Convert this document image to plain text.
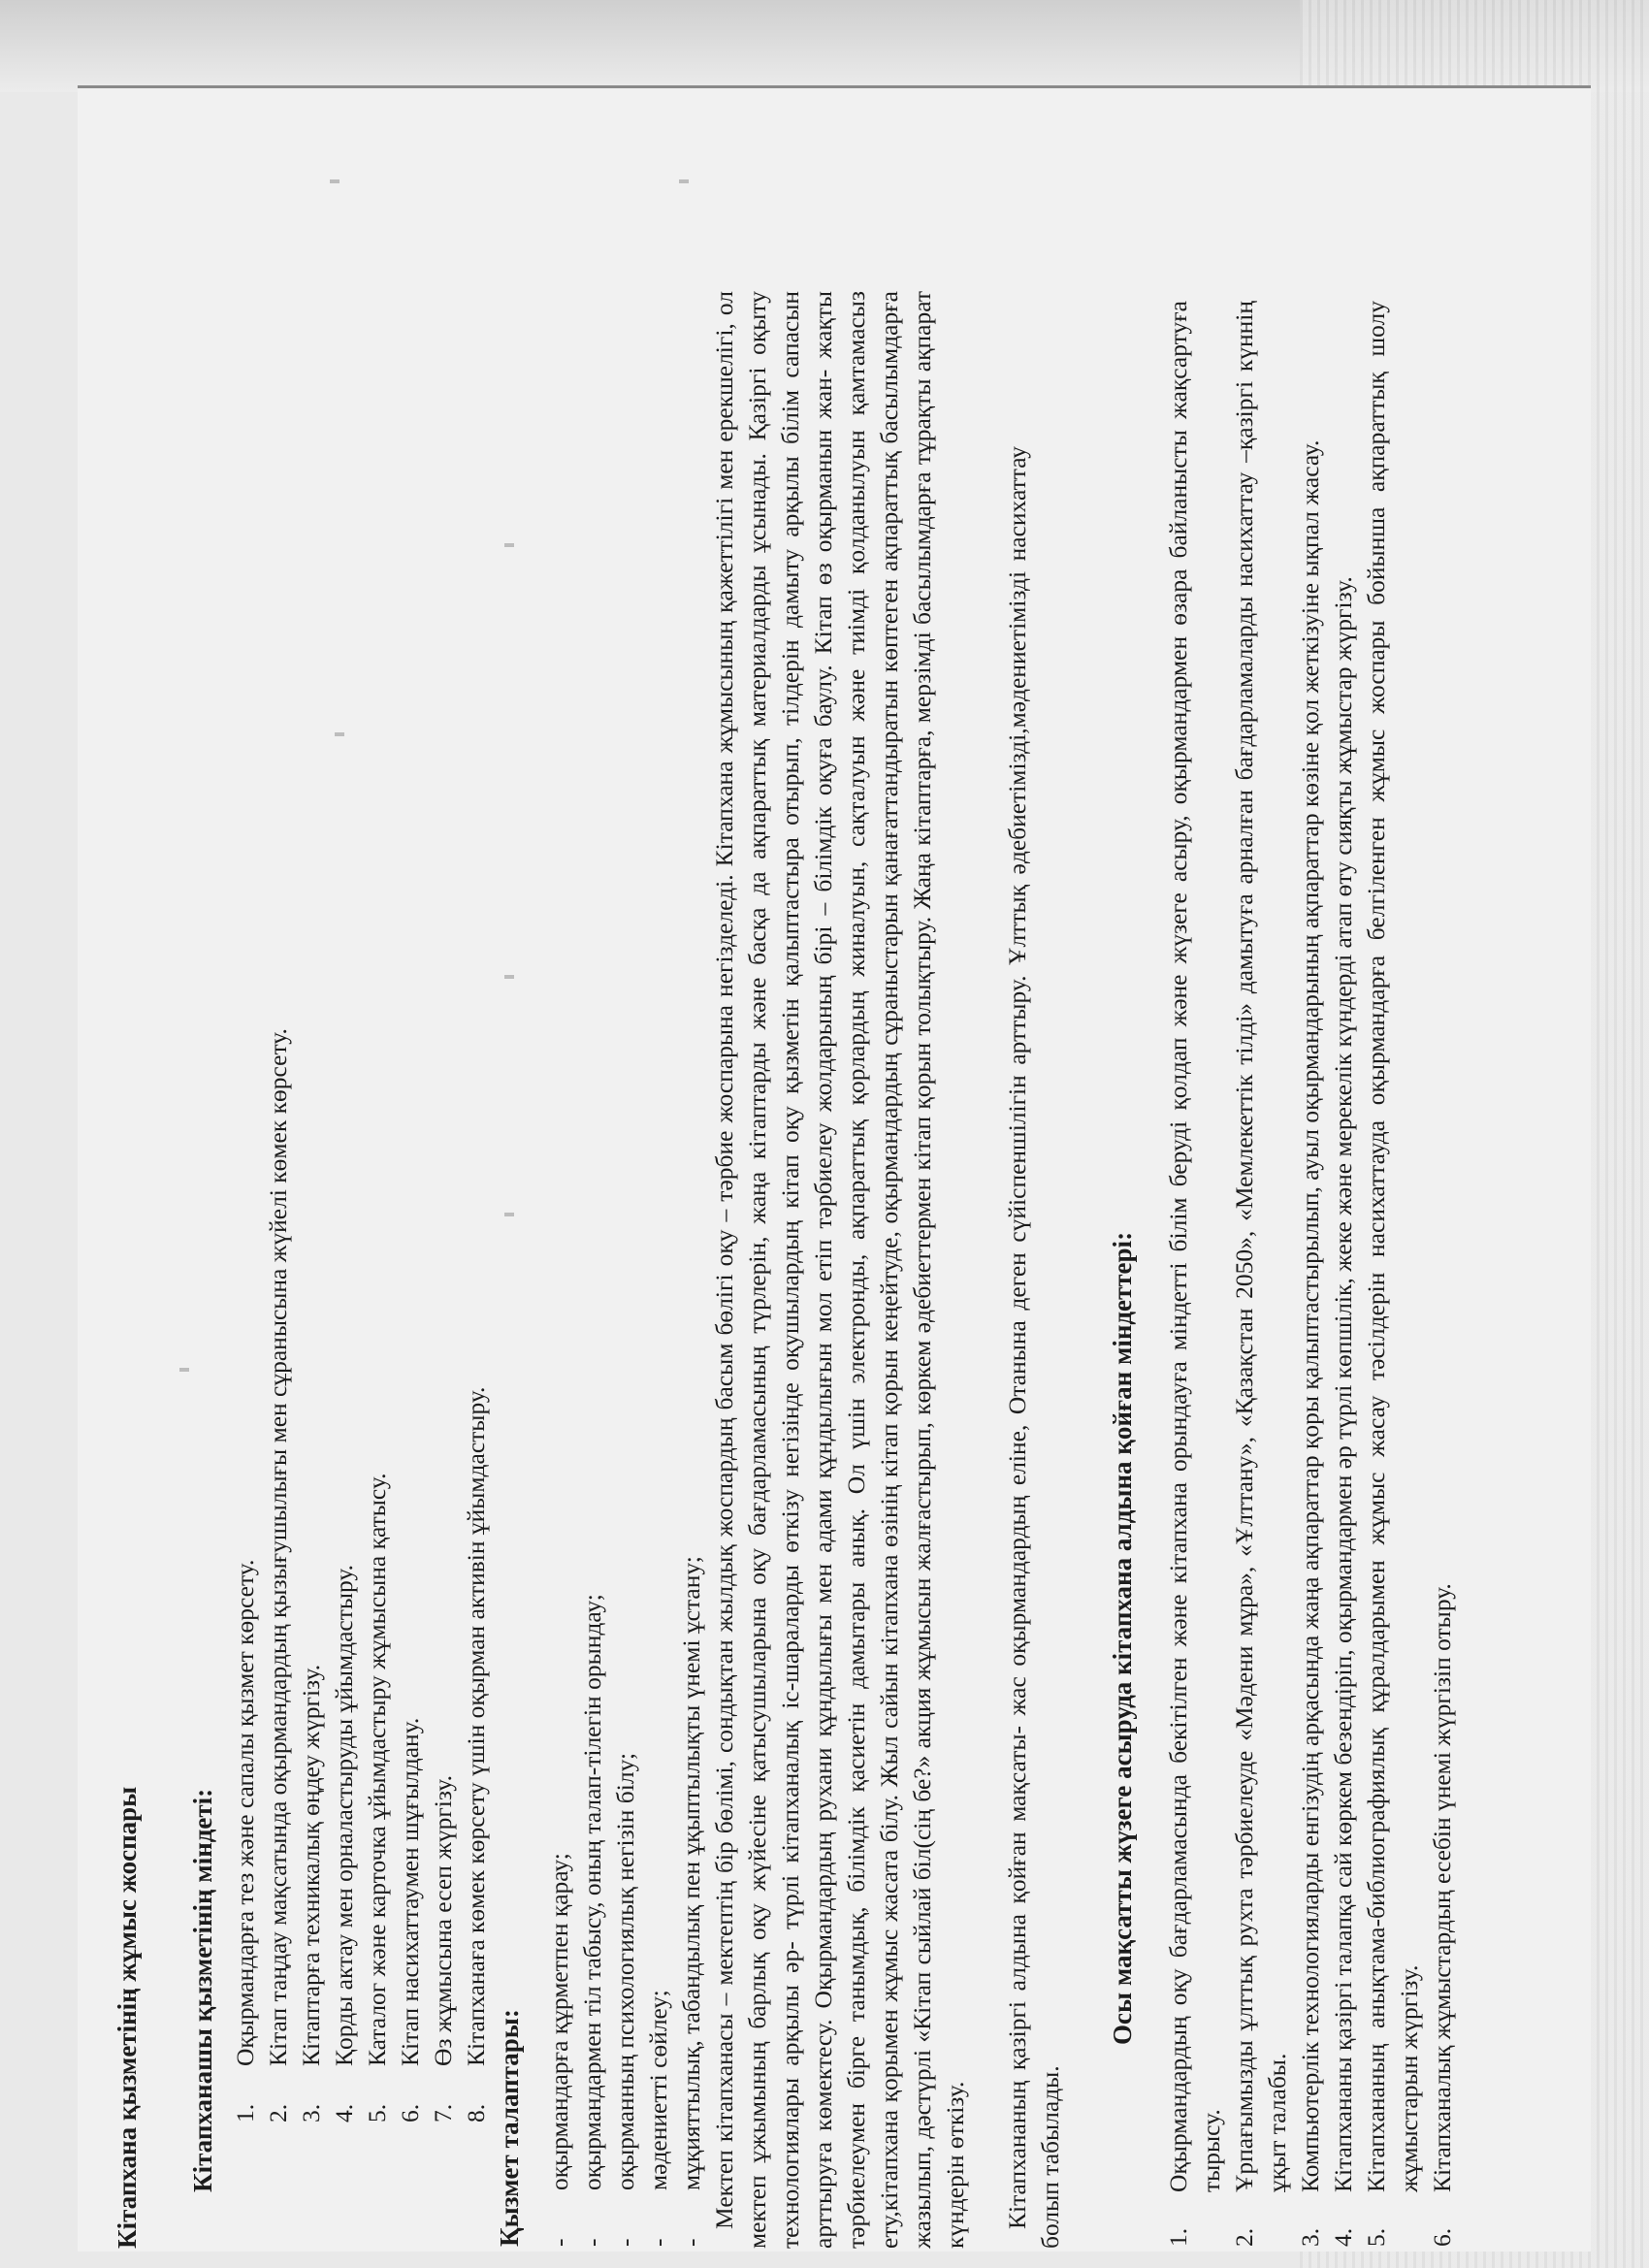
Кітапхана қызметінің жұмыс жоспары Кітапханашы қызметінің міндеті: 1.
Оқырмандарға тез және сапалы қызмет көрсету.
2.
Кітап таңдау мақсатында оқырмандардың қызығушылығы мен сұранысына жүйелі көмек көрсету.
3.
Кітаптарға техникалық өңдеу жүргізу.
4.
Қорды актау мен орналастыруды ұйымдастыру.
5.
Каталог және карточка ұйымдастыру жұмысына қатысу.
6.
Кітап насихаттаумен шұғылдану.
7.
Өз жұмысына есеп жүргізу.
8.
Кітапханаға көмек көрсету үшін оқырман активін ұйымдастыру.
Қызмет талаптары: -
оқырмандарға құрметпен қарау;
-
оқырмандармен тіл табысу, оның талап-тілегін орындау;
-
оқырманның психологиялық негізін білу;
-
мәдениетті сөйлеу;
-
мұқияттылық, табандылық пен ұқыптылықты үнемі ұстану; Мектеп кітапханасы – мектептің бір бөлімі, сондықтан жылдық жоспардың басым бөлігі оқу – тәрбие жоспарына негізделеді. Кітапхана жұмысының қажеттілігі мен ерекшелігі, ол мектеп ұжымының барлық оқу жүйесіне қатысушыларына оқу бағдарламасының түрлерін, жаңа кітаптарды және басқа да ақпараттық материалдарды ұсынады. Қазіргі оқыту технологиялары арқылы әр- түрлі кітапханалық іс-шараларды өткізу негізінде оқушылардың кітап оқу қызметін қалыптастыра отырып, тілдерін дамыту арқылы білім сапасын арттыруға көмектесу. Оқырмандардың рухани құндылығы мен адами құндылығын мол етіп тәрбиелеу жолдарының бірі – білімдік оқуға баулу. Кітап өз оқырманын жан- жақты тәрбиелеумен бірге танымдық, білімдік қасиетін дамытары анық. Ол үшін электронды, ақпараттық қорлардың жиналуын, сақталуын және тиімді қолданылуын қамтамасыз ету,кітапхана қорымен жұмыс жасата білу. Жыл сайын кітапхана өзінің кітап қорын кеңейтуде, оқырмандардың сұраныстарын қанағаттандыратын көптеген ақпараттық басылымдарға жазылып, дәстүрлі «Кітап сыйлай біл(сің бе?» акция жұмысын жалғастырып, көркем әдебиеттермен кітап қорын толықтыру. Жаңа кітаптарға, мерзімді басылымдарға тұрақты ақпарат күндерін өткізу. Кітапхананың қазіргі алдына қойған мақсаты- жас оқырмандардың еліне, Отанына деген сүйіспеншілігін арттыру. Ұлттық әдебиетімізді,мәдениетімізді насихаттау болып табылады.

Осы мақсатты жүзеге асыруда кітапхана алдына қойған міндеттері:
1.
Оқырмандардың оқу бағдарламасында бекітілген және кітапхана орындауға міндетті білім беруді қолдап және жүзеге асыру, оқырмандармен өзара байланысты жақсартуға тырысу.
2.
Ұрпағымызды ұлттық рухта тәрбиелеуде «Мәдени мұра», «Ұлттану», «Қазақстан 2050», «Мемлекеттік тілді» дамытуға арналған бағдарламаларды насихаттау –қазіргі күннің ұқыт талабы.
3.
Компьютерлік технологияларды енгізудің арқасында жаңа ақпараттар қоры қалыптастырылып, ауыл оқырмандарының ақпараттар көзіне қол жеткізуіне ықпал жасау.
4.
Кітапхананы қазіргі талапқа сай көркем безендіріп, оқырмандармен әр түрлі көпшілік, жеке және мерекелік күндерді атап өту сияқты жұмыстар жүргізу.
5.
Кітапхананың анықтама-библиографиялық құралдарымен жұмыс жасау тәсілдерін насихаттауда оқырмандарға белгіленген жұмыс жоспары бойынша ақпараттық шолу жұмыстарын жүргізу.
6.
Кітапханалық жұмыстардың есебін үнемі жүргізіп отыру.
